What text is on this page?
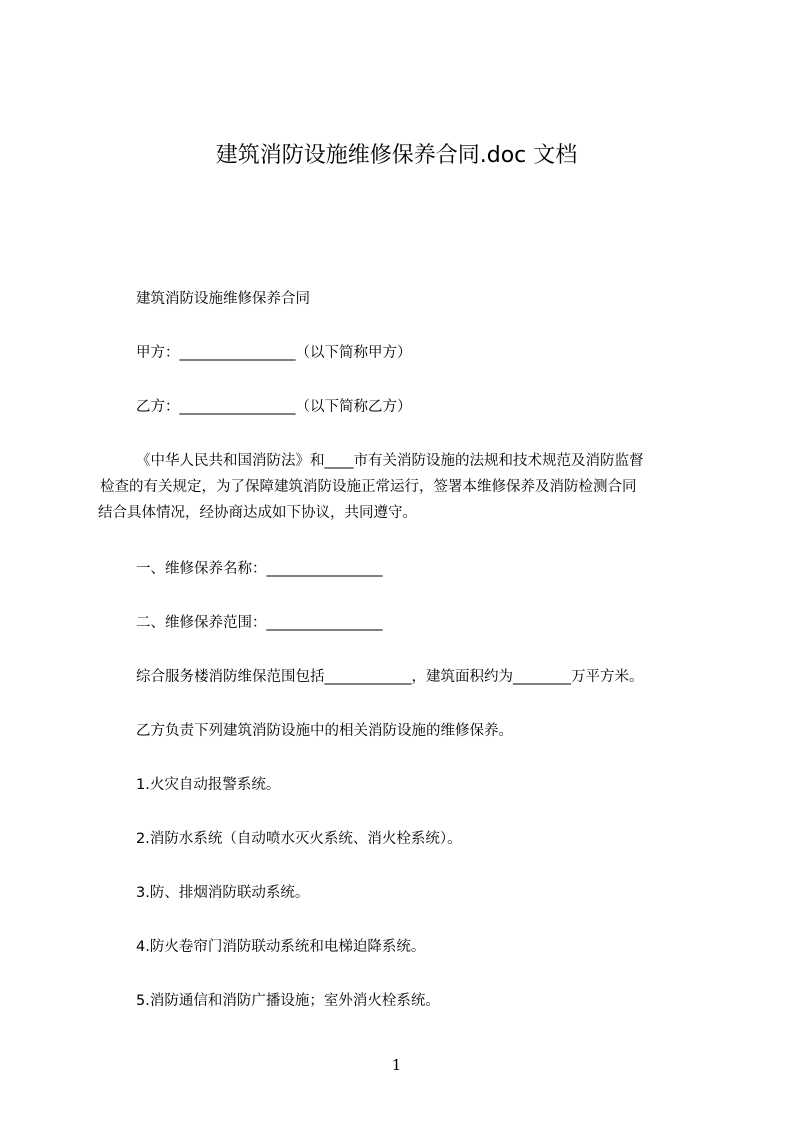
建筑消防设施维修保养合同.doc 文档

建筑消防设施维修保养合同

甲方：________________（以下简称甲方）

乙方：________________（以下简称乙方）

《中华人民共和国消防法》和____市有关消防设施的法规和技术规范及消防监督
检查的有关规定，为了保障建筑消防设施正常运行，签署本维修保养及消防检测合同
结合具体情况，经协商达成如下协议，共同遵守。

一、维修保养名称：________________

二、维修保养范围：________________

综合服务楼消防维保范围包括____________，建筑面积约为________万平方米。

乙方负责下列建筑消防设施中的相关消防设施的维修保养。

1.火灾自动报警系统。

2.消防水系统（自动喷水灭火系统、消火栓系统）。

3.防、排烟消防联动系统。

4.防火卷帘门消防联动系统和电梯迫降系统。

5.消防通信和消防广播设施；室外消火栓系统。

1
